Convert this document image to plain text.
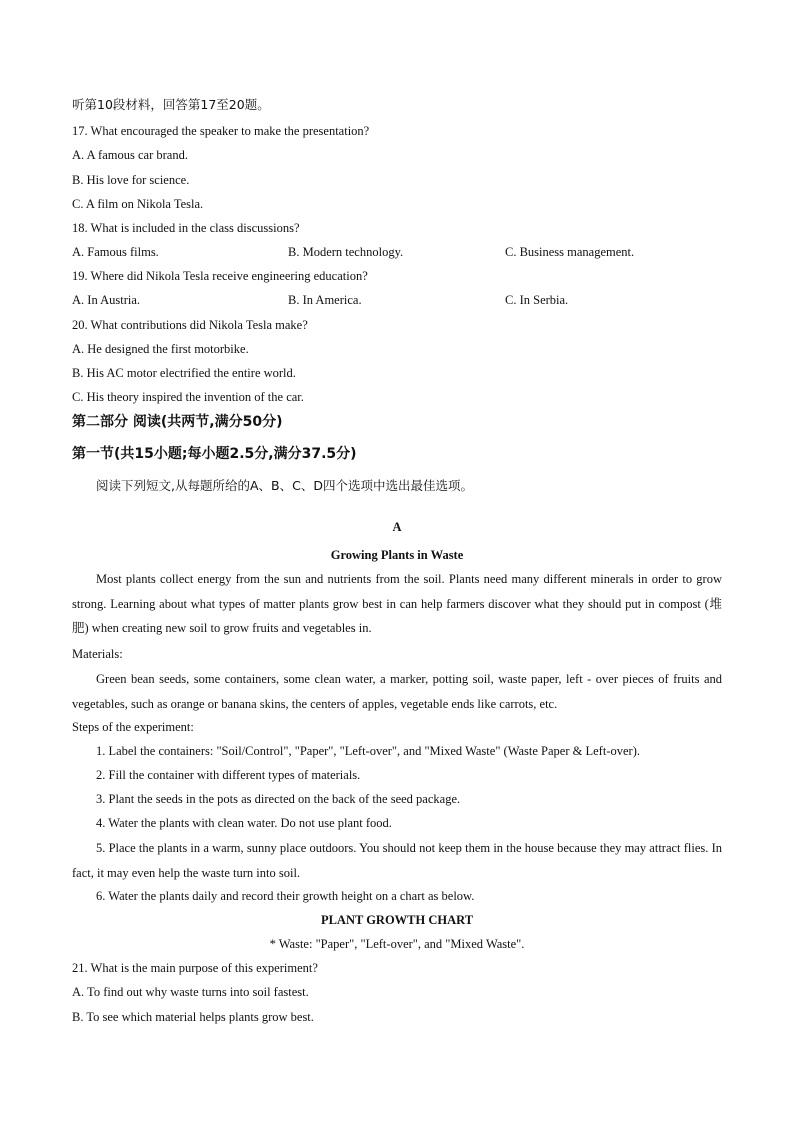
听第10段材料，回答第17至20题。
17. What encouraged the speaker to make the presentation?
A. A famous car brand.
B. His love for science.
C. A film on Nikola Tesla.
18. What is included in the class discussions?
A. Famous films.	B. Modern technology.	C. Business management.
19. Where did Nikola Tesla receive engineering education?
A. In Austria.	B. In America.	C. In Serbia.
20. What contributions did Nikola Tesla make?
A. He designed the first motorbike.
B. His AC motor electrified the entire world.
C. His theory inspired the invention of the car.
第二部分 阅读(共两节,满分50分)
第一节(共15小题;每小题2.5分,满分37.5分)
阅读下列短文,从每题所给的A、B、C、D四个选项中选出最佳选项。
A
Growing Plants in Waste
Most plants collect energy from the sun and nutrients from the soil. Plants need many different minerals in order to grow strong. Learning about what types of matter plants grow best in can help farmers discover what they should put in compost (堆肥) when creating new soil to grow fruits and vegetables in.
Materials:
Green bean seeds, some containers, some clean water, a marker, potting soil, waste paper, left - over pieces of fruits and vegetables, such as orange or banana skins, the centers of apples, vegetable ends like carrots, etc.
Steps of the experiment:
1. Label the containers: "Soil/Control", "Paper", "Left-over", and "Mixed Waste" (Waste Paper & Left-over).
2. Fill the container with different types of materials.
3. Plant the seeds in the pots as directed on the back of the seed package.
4. Water the plants with clean water. Do not use plant food.
5. Place the plants in a warm, sunny place outdoors. You should not keep them in the house because they may attract flies. In fact, it may even help the waste turn into soil.
6. Water the plants daily and record their growth height on a chart as below.
PLANT GROWTH CHART
* Waste: "Paper", "Left-over", and "Mixed Waste".
21. What is the main purpose of this experiment?
A. To find out why waste turns into soil fastest.
B. To see which material helps plants grow best.
